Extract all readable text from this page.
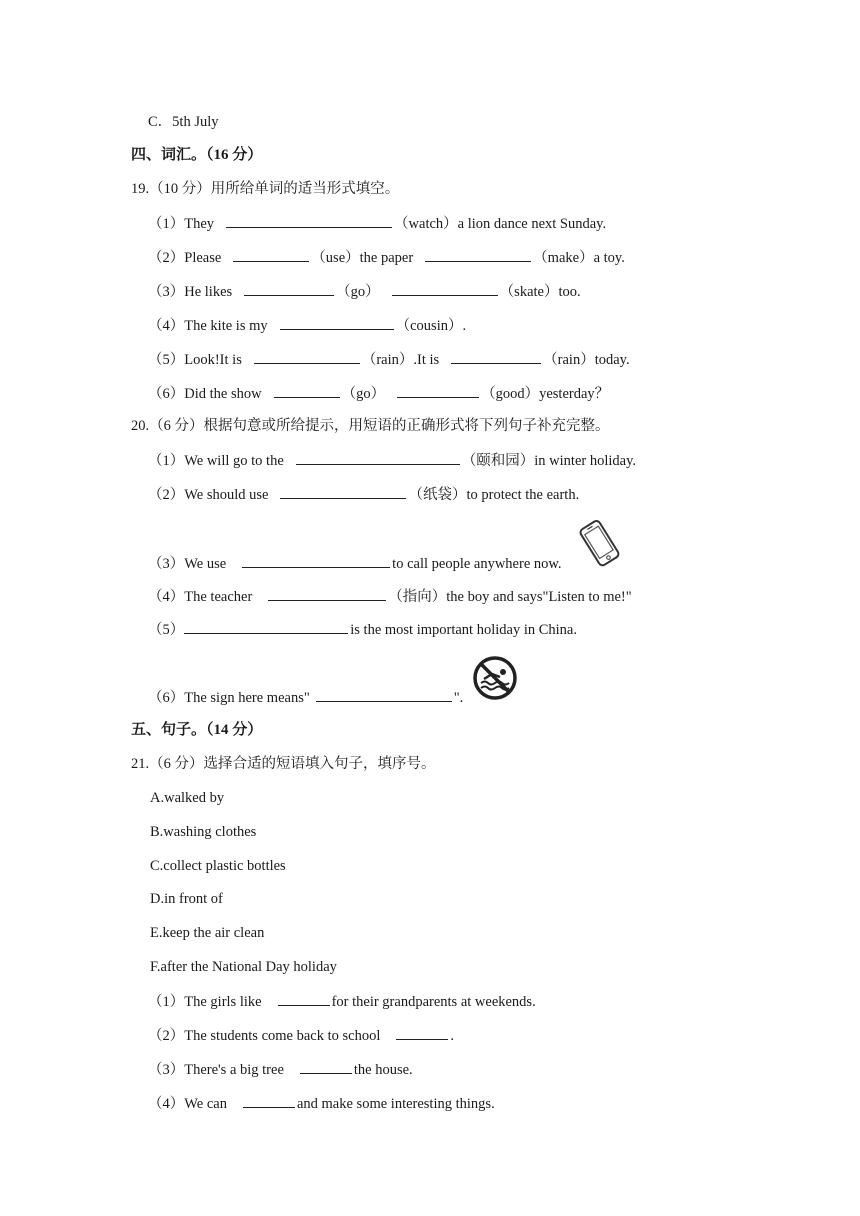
C．5th July
四、词汇。（16 分）
19.（10 分）用所给单词的适当形式填空。
（1）They	（watch）a lion dance next Sunday.
（2）Please	（use）the paper	（make）a toy.
（3）He likes	（go）	（skate）too.
（4）The kite is my	（cousin）.
（5）Look!It is	（rain）.It is	（rain）today.
（6）Did the show	（go）	（good）yesterday？
20.（6 分）根据句意或所给提示，用短语的正确形式将下列句子补充完整。
（1）We will go to the	（颐和园）in winter holiday.
（2）We should use	（纸袋）to protect the earth.
（3）We use	to call people anywhere now.
（4）The teacher	（指向）the boy and says"Listen to me!"
（5）	is the most important holiday in China.
（6）The sign here means"	".
五、句子。（14 分）
21.（6 分）选择合适的短语填入句子，填序号。
A.walked by
B.washing clothes
C.collect plastic bottles
D.in front of
E.keep the air clean
F.after the National Day holiday
（1）The girls like	for their grandparents at weekends.
（2）The students come back to school	.
（3）There's a big tree	the house.
（4）We can	and make some interesting things.
